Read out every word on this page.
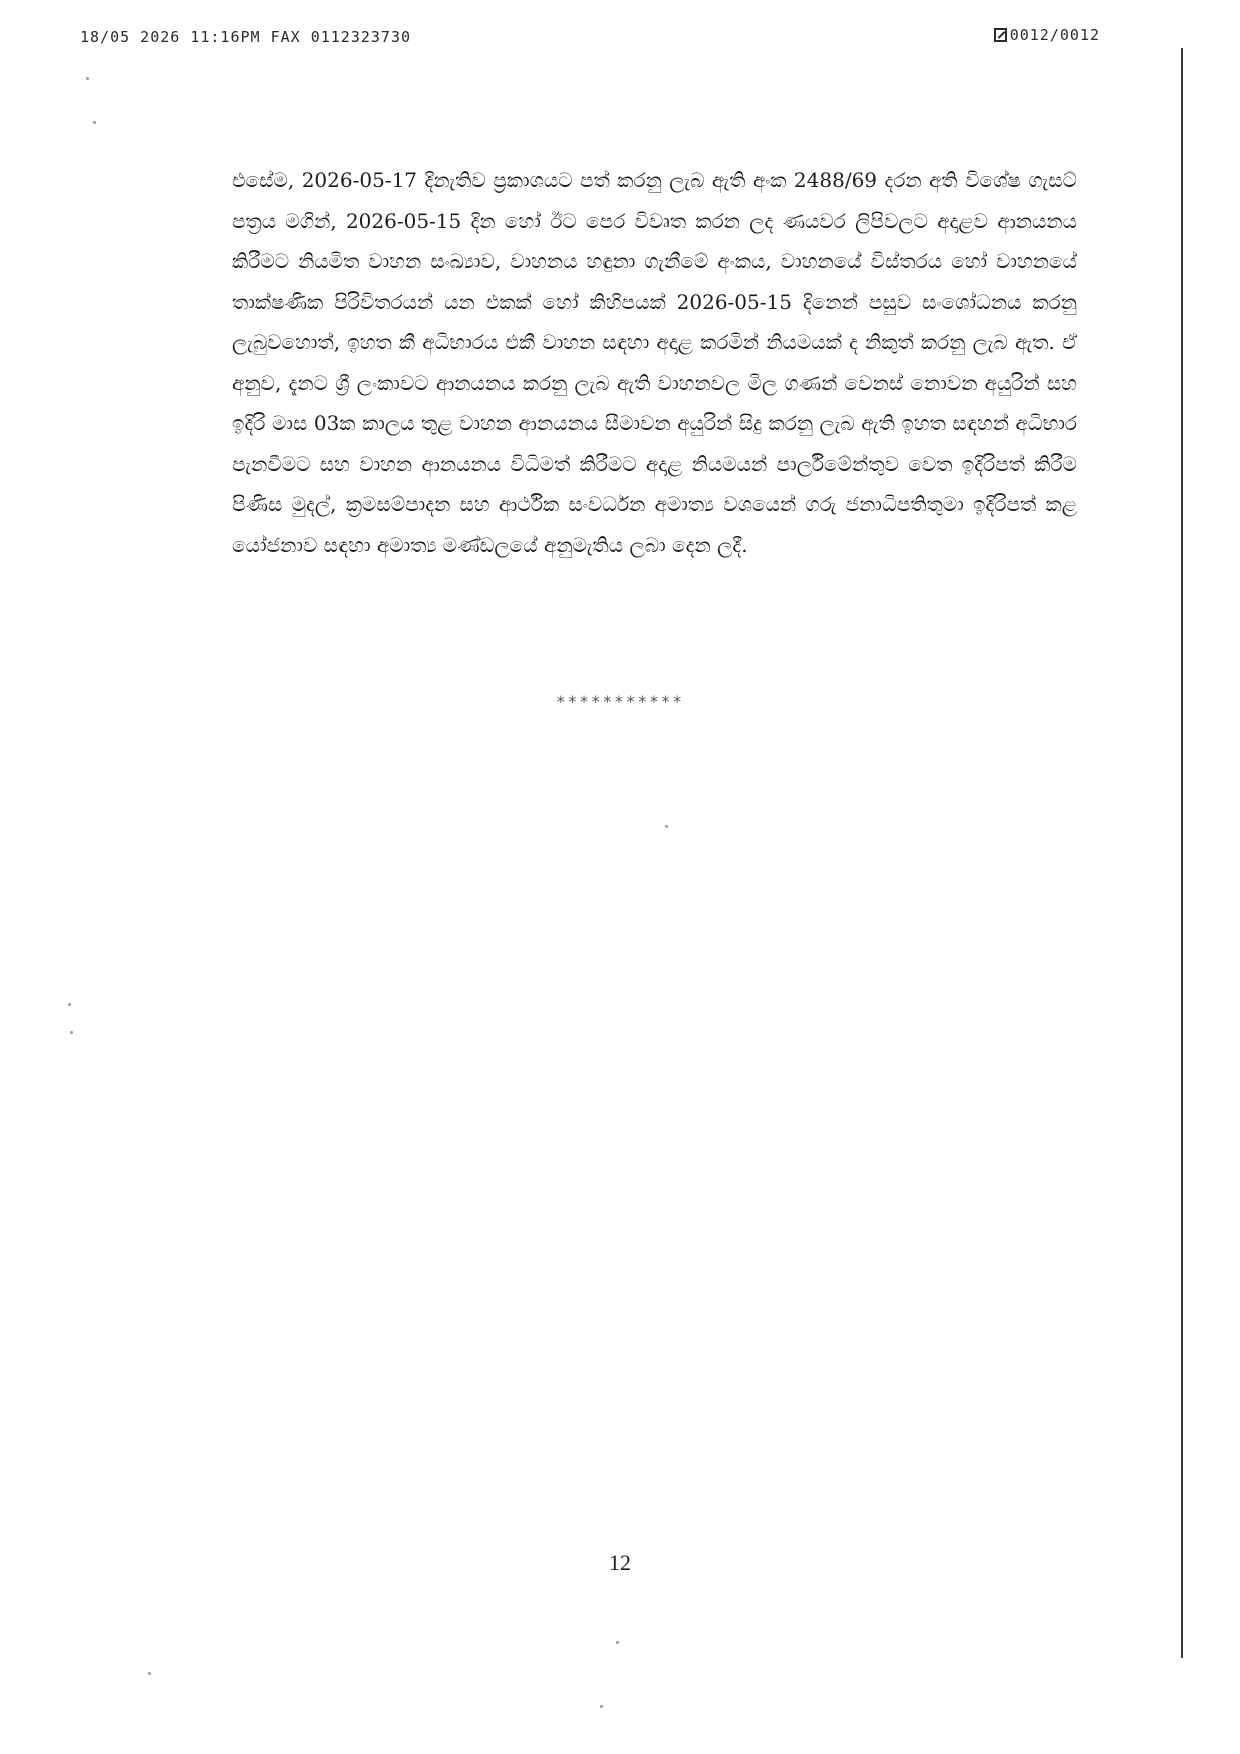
18/05 2026 11:16PM FAX 0112323730	0012/0012

එසේම, 2026-05-17 දිනැතිව ප්‍රකාශයට පත් කරනු ලැබ ඇති අංක 2488/69 දරන අති විශේෂ ගැසට් පත්‍රය මගින්, 2026-05-15 දින හෝ ඊට පෙර විවෘත කරන ලද ණයවර ලිපිවලට අදාළව ආනයනය කිරීමට නියමිත වාහන සංඛ්‍යාව, වාහනය හඳුනා ගැනීමේ අංකය, වාහනයේ විස්තරය හෝ වාහනයේ තාක්ෂණික පිරිවිතරයන් යන එකක් හෝ කිහිපයක් 2026-05-15 දිනෙන් පසුව සංශෝධනය කරනු ලැබුවහොත්, ඉහත කී අධිභාරය එකී වාහන සඳහා අදාළ කරමින් නියමයක් ද නිකුත් කරනු ලැබ ඇත. ඒ අනුව, දැනට ශ්‍රී ලංකාවට ආනයනය කරනු ලැබ ඇති වාහනවල මිල ගණන් වෙනස් නොවන අයුරින් සහ ඉදිරි මාස 03ක කාලය තුළ වාහන ආනයනය සීමාවන අයුරින් සිදු කරනු ලැබ ඇති ඉහත සඳහන් අධිභාර පැනවීමට සහ වාහන ආනයනය විධිමත් කිරීමට අදාළ නියමයන් පාර්ලිමේන්තුව වෙත ඉදිරිපත් කිරීම පිණිස මුදල්, ක්‍රමසම්පාදන සහ ආර්ථික සංවර්ධන අමාත්‍ය වශයෙන් ගරු ජනාධිපතිතුමා ඉදිරිපත් කළ යෝජනාව සඳහා අමාත්‍ය මණ්ඩලයේ අනුමැතිය ලබා දෙන ලදී.

***********
12
